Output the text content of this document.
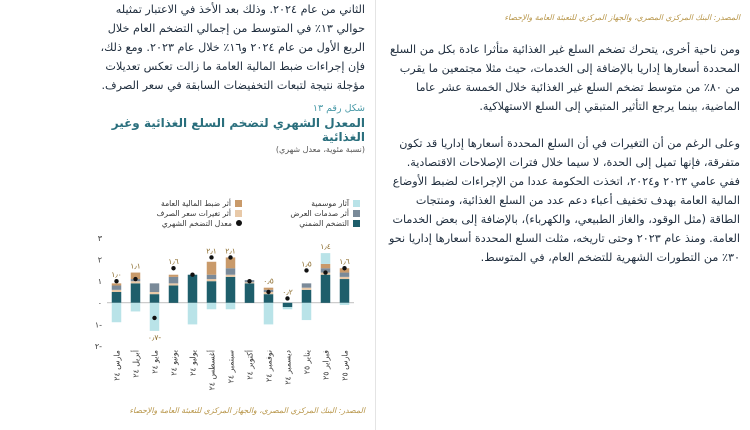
الثاني من عام ٢٠٢٤. وذلك بعد الأخذ في الاعتبار تمثيله حوالي ١٣٪ في المتوسط من إجمالي التضخم العام خلال الربع الأول من عام ٢٠٢٤ و١٦٪ خلال عام ٢٠٢٣. ومع ذلك، فإن إجراءات ضبط المالية العامة ما زالت تعكس تعديلات مؤجلة نتيجة لتبعات التخفيضات السابقة في سعر الصرف.

شكل رقم ١٣
المعدل الشهري لتضخم السلع الغذائية وغير الغذائية
(نسبة مئوية، معدل شهري)
آثار موسمية
أثر ضبط المالية العامة
أثر صدمات العرض
أثر تغيرات سعر الصرف
التضخم الضمني
معدل التضخم الشهري
٢-
١-
٠
١
٢
٣
١٫٠
مارس ٢٤
١٫١
أبريل ٢٤
٠٫٧-
مايو ٢٤
١٫٦
يونيو ٢٤
يوليو ٢٤
٢٫١
أغسطس ٢٤
٢٫١
سبتمبر ٢٤
أكتوبر ٢٤
٠٫٥
نوفمبر ٢٤
٠٫٢
ديسمبر ٢٤
١٫٥
يناير ٢٥
١٫٤
فبراير ٢٥
١٫٦
مارس ٢٥
المصدر: البنك المركزي المصري، والجهاز المركزي للتعبئة العامة والإحصاء
المصدر: البنك المركزي المصري، والجهاز المركزي للتعبئة العامة والإحصاء

ومن ناحية أخرى، يتحرك تضخم السلع غير الغذائية متأثرا عادة بكل من السلع المحددة أسعارها إداريا بالإضافة إلى الخدمات، حيث مثلا مجتمعين ما يقرب من ٨٠٪ من متوسط تضخم السلع غير الغذائية خلال الخمسة عشر عاما الماضية، بينما يرجع التأثير المتبقي إلى السلع الاستهلاكية.

وعلى الرغم من أن التغيرات في أن السلع المحددة أسعارها إداريا قد تكون متفرقة، فإنها تميل إلى الحدة، لا سيما خلال فترات الإصلاحات الاقتصادية. ففي عامي ٢٠٢٣ و٢٠٢٤، اتخذت الحكومة عددا من الإجراءات لضبط الأوضاع المالية العامة بهدف تخفيف أعباء دعم عدد من السلع الغذائية، ومنتجات الطاقة (مثل الوقود، والغاز الطبيعي، والكهرباء)، بالإضافة إلى بعض الخدمات العامة. ومنذ عام ٢٠٢٣ وحتى تاريخه، مثلت السلع المحددة أسعارها إداريا نحو ٣٠٪ من التطورات الشهرية للتضخم العام، في المتوسط.
